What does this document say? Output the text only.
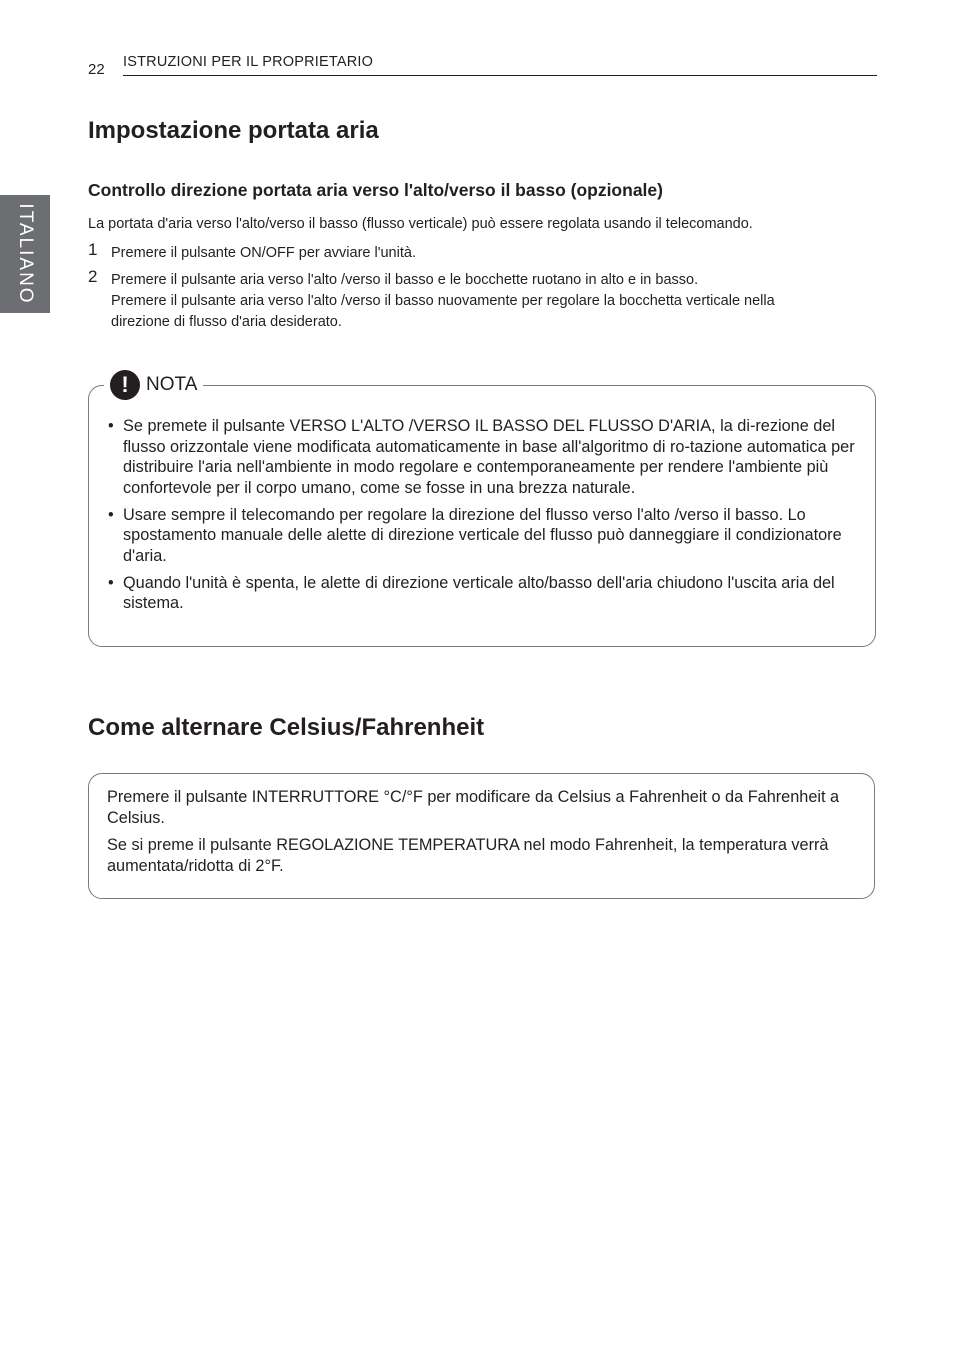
22 ISTRUZIONI PER IL PROPRIETARIO
ITALIANO
Impostazione portata aria
Controllo direzione portata aria verso l'alto/verso il basso (opzionale)
La portata d'aria verso l'alto/verso il basso (flusso verticale) può essere regolata usando il telecomando.
1 Premere il pulsante ON/OFF per avviare l'unità.
2 Premere il pulsante aria verso l'alto /verso il basso e le bocchette ruotano in alto e in basso.
Premere il pulsante aria verso l'alto /verso il basso nuovamente per regolare la bocchetta verticale nella
direzione di flusso d'aria desiderato.
! NOTA
• Se premete il pulsante VERSO L'ALTO /VERSO IL BASSO DEL FLUSSO D'ARIA, la di-rezione del flusso orizzontale viene modificata automaticamente in base all'algoritmo di ro-tazione automatica per distribuire l'aria nell'ambiente in modo regolare e contemporaneamente per rendere l'ambiente più confortevole per il corpo umano, come se fosse in una brezza naturale.
• Usare sempre il telecomando per regolare la direzione del flusso verso l'alto /verso il basso. Lo spostamento manuale delle alette di direzione verticale del flusso può danneggiare il condizionatore d'aria.
• Quando l'unità è spenta, le alette di direzione verticale alto/basso dell'aria chiudono l'uscita aria del sistema.
Come alternare Celsius/Fahrenheit
Premere il pulsante INTERRUTTORE °C/°F per modificare da Celsius a Fahrenheit o da Fahrenheit a Celsius.
Se si preme il pulsante REGOLAZIONE TEMPERATURA nel modo Fahrenheit, la temperatura verrà aumentata/ridotta di 2°F.
